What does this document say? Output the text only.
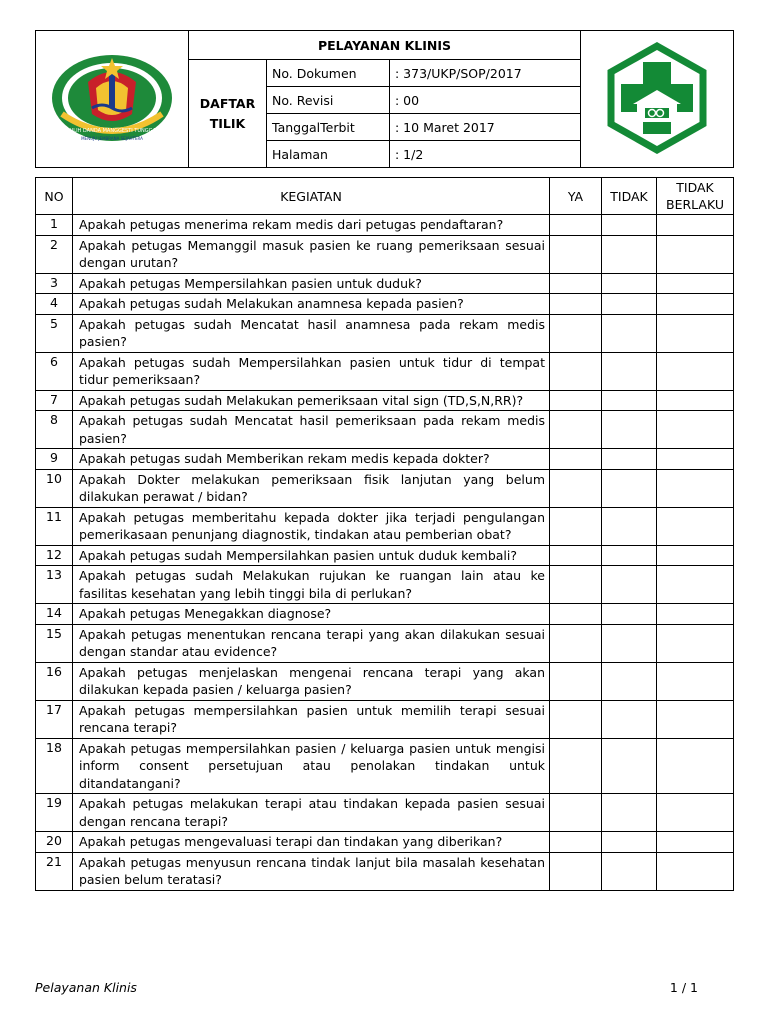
MULIH DANDA MANGGESTI TUNGGAL
MENUJU JEMBRANA SEJAHTERA	PELAYANAN KLINIS	

	DAFTAR
TILIK	No. Dokumen	: 373/UKP/SOP/2017	
		No. Revisi	: 00	
		TanggalTerbit	: 10 Maret 2017	
		Halaman	: 1/2	
NO	KEGIATAN	YA	TIDAK	TIDAK
BERLAKU

1	Apakah petugas menerima rekam medis dari petugas pendaftaran?			
2	Apakah petugas Memanggil masuk pasien ke ruang pemeriksaan sesuai dengan urutan?			
3	Apakah petugas Mempersilahkan pasien untuk duduk?			
4	Apakah petugas sudah Melakukan anamnesa kepada pasien?			
5	Apakah petugas sudah Mencatat hasil anamnesa pada rekam medis pasien?			
6	Apakah petugas sudah Mempersilahkan pasien untuk tidur di tempat tidur pemeriksaan?			
7	Apakah petugas sudah Melakukan pemeriksaan vital sign (TD,S,N,RR)?			
8	Apakah petugas sudah Mencatat hasil pemeriksaan pada rekam medis pasien?			
9	Apakah petugas sudah Memberikan rekam medis kepada dokter?			
10	Apakah Dokter melakukan pemeriksaan fisik lanjutan yang belum dilakukan perawat / bidan?			
11	Apakah petugas memberitahu kepada dokter jika terjadi pengulangan pemerikasaan penunjang diagnostik, tindakan atau pemberian obat?			
12	Apakah petugas sudah Mempersilahkan pasien untuk duduk kembali?			
13	Apakah petugas sudah Melakukan rujukan ke ruangan lain atau ke fasilitas kesehatan yang lebih tinggi bila di perlukan?			
14	Apakah petugas Menegakkan diagnose?			
15	Apakah petugas menentukan rencana terapi yang akan dilakukan sesuai dengan standar atau evidence?			
16	Apakah petugas menjelaskan mengenai rencana terapi yang akan dilakukan kepada pasien / keluarga pasien?			
17	Apakah petugas mempersilahkan pasien untuk memilih terapi sesuai rencana terapi?			
18	Apakah petugas mempersilahkan pasien / keluarga pasien untuk mengisi inform consent persetujuan atau penolakan tindakan untuk ditandatangani?			
19	Apakah petugas melakukan terapi atau tindakan kepada pasien sesuai dengan rencana terapi?			
20	Apakah petugas mengevaluasi terapi dan tindakan yang diberikan?			
21	Apakah petugas menyusun rencana tindak lanjut bila masalah kesehatan pasien belum teratasi?			
Pelayanan Klinis	1 / 1
